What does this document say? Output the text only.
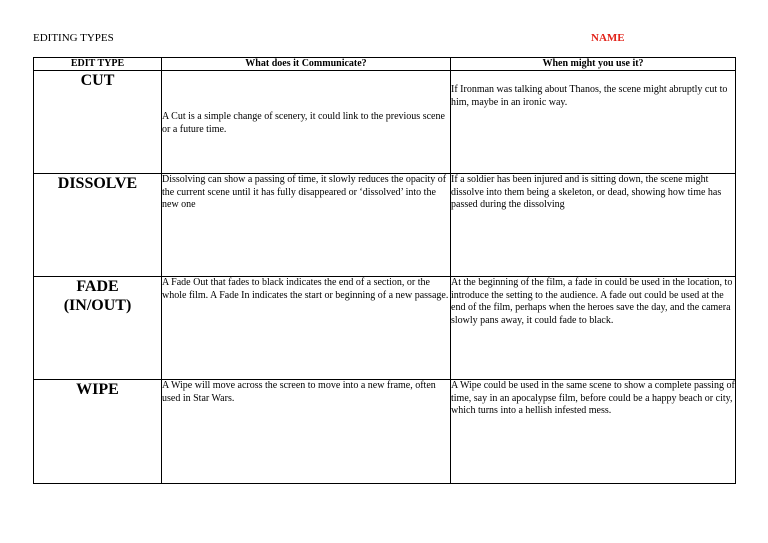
EDITING TYPES	NAME
EDIT TYPE	What does it Communicate?	When might you use it?
CUT	A Cut is a simple change of scenery, it could link to the previous scene or a future time.	If Ironman was talking about Thanos, the scene might abruptly cut to him, maybe in an ironic way.

DISSOLVE	Dissolving can show a passing of time, it slowly reduces the opacity of the current scene until it has fully disappeared or ‘dissolved’ into the new one	If a soldier has been injured and is sitting down, the scene might dissolve into them being a skeleton, or dead, showing how time has passed during the dissolving

FADE (IN/OUT)	A Fade Out that fades to black indicates the end of a section, or the whole film. A Fade In indicates the start or beginning of a new passage.	At the beginning of the film, a fade in could be used in the location, to introduce the setting to the audience. A fade out could be used at the end of the film, perhaps when the heroes save the day, and the camera slowly pans away, it could fade to black.

WIPE	A Wipe will move across the screen to move into a new frame, often used in Star Wars.	A Wipe could be used in the same scene to show a complete passing of time, say in an apocalypse film, before could be a happy beach or city, which turns into a hellish infested mess.
